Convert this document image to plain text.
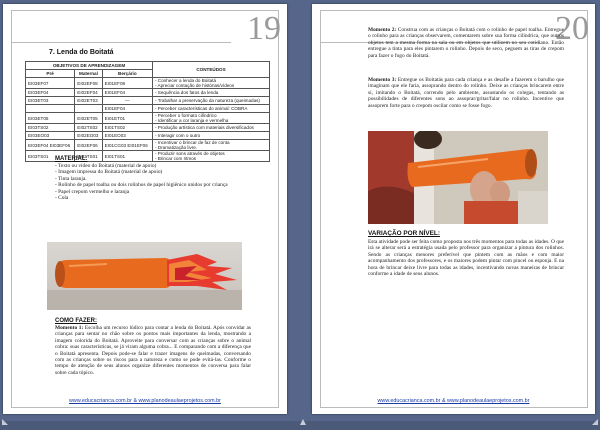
19
7. Lenda do Boitatá
OBJETIVOS DE APRENDIZAGEM			CONTEÚDOS
Pré	Maternal	Berçário	
EI03EF07	EI02EF08	EI01EF08	- Conhecer a lenda do Boitatá
- Apreciar contação de histórias/vídeos
EI03EF04	EI02EF04	EI01EF04	- Sequência dos fatos da lenda
EI03ET03	EI02ET03	—	- Trabalhar a preservação da natureza (queimadas)
		EI01EF04	- Perceber características do animal: COBRA
EI03ET05	EI02ET05	EI01ET01	- Perceber o formato cilíndrico
- Identificar a cor laranja e vermelha
EI03TS02	EI02TS02	EI01TS02	- Produção artística com materiais diversificados
EI03EO03	EI02EO03	EI01EO03	- Interagir com o outro
EI03EF04 EI03EF06	EI02EF06	EI01CG03 EI01EF06	- Incentivar o brincar de faz de conta
- Dramatização livre.
EI03TS01	EI02TS01	EI01TS01	- Produzir sons através de objetos
- Brincar com ritmos
MATERIAL:
- Texto ou vídeo do Boitatá (material de apoio)
- Imagem impressa do Boitatá (material de apoio)
- Tinta laranja.
- Rolinho de papel toalha ou dois rolinhos de papel higiênico unidos por criança
- Papel crepom vermelho e laranja
- Cola
COMO FAZER:
Momento 1: Escolha um recurso lúdico para contar a lenda do Boitatá. Após convidar as crianças para sentar no chão sobre os pontos mais importantes da lenda, mostrando a imagem colorida do Boitatá. Aproveite para conversar com as crianças sobre o animal cobra: suas características, se já viram alguma cobra... E comparando com a diferença que o Boitatá apresenta. Depois pode-se falar e trazer imagens de queimadas, conversando com as crianças sobre os riscos para a natureza e como se pode evitá-las. Conforme o tempo de atenção de seus alunos organize diferentes momentos de conversa para falar sobre cada tópico.
www.educacrianca.com.br & www.planodeaulaeprojetos.com.br
20
Momento 2: Construa com as crianças o Boitatá com o rolinho de papel toalha. Entregue o rolinho para as crianças observarem, comentarem sobre sua forma cilíndrica, que outros objetos tem a mesma forma na sala ou em objetos que utilizem no seu cotidiano. Então entregue a tinta para eles pintarem o rolinho. Depois de seco, peguem as tiras de crepom para fazer o fogo do Boitatá.
Momento 3: Entregue os Boitatás para cada criança e as desafie a fazerem o barulho que imaginam que ele faria, assoprando dentro do rolinho. Deixe as crianças brincarem entre si, imitando o Boitatá, correndo pelo ambiente, assustando os colegas, tentando as possibilidades de diferentes sons ao assoprar/gritar/falar no rolinho. Incentive que assoprem forte para o crepom oscilar como se fosse fogo.
VARIAÇÃO POR NÍVEL:
Esta atividade pode ser feita como proposta nos três momentos para todas as idades. O que irá se alterar será a estratégia usada pelo professor para organizar a pintura dos rolinhos. Sendo as crianças menores preferível que pintem com as mãos e com maior acompanhamento dos professores, e os maiores podem pintar com pincel ou esponja. E na hora de brincar deixe livre para todas as idades, incentivando novas maneiras de brincar conforme a idade de seus alunos.
www.educacrianca.com.br & www.planodeaulaeprojetos.com.br
